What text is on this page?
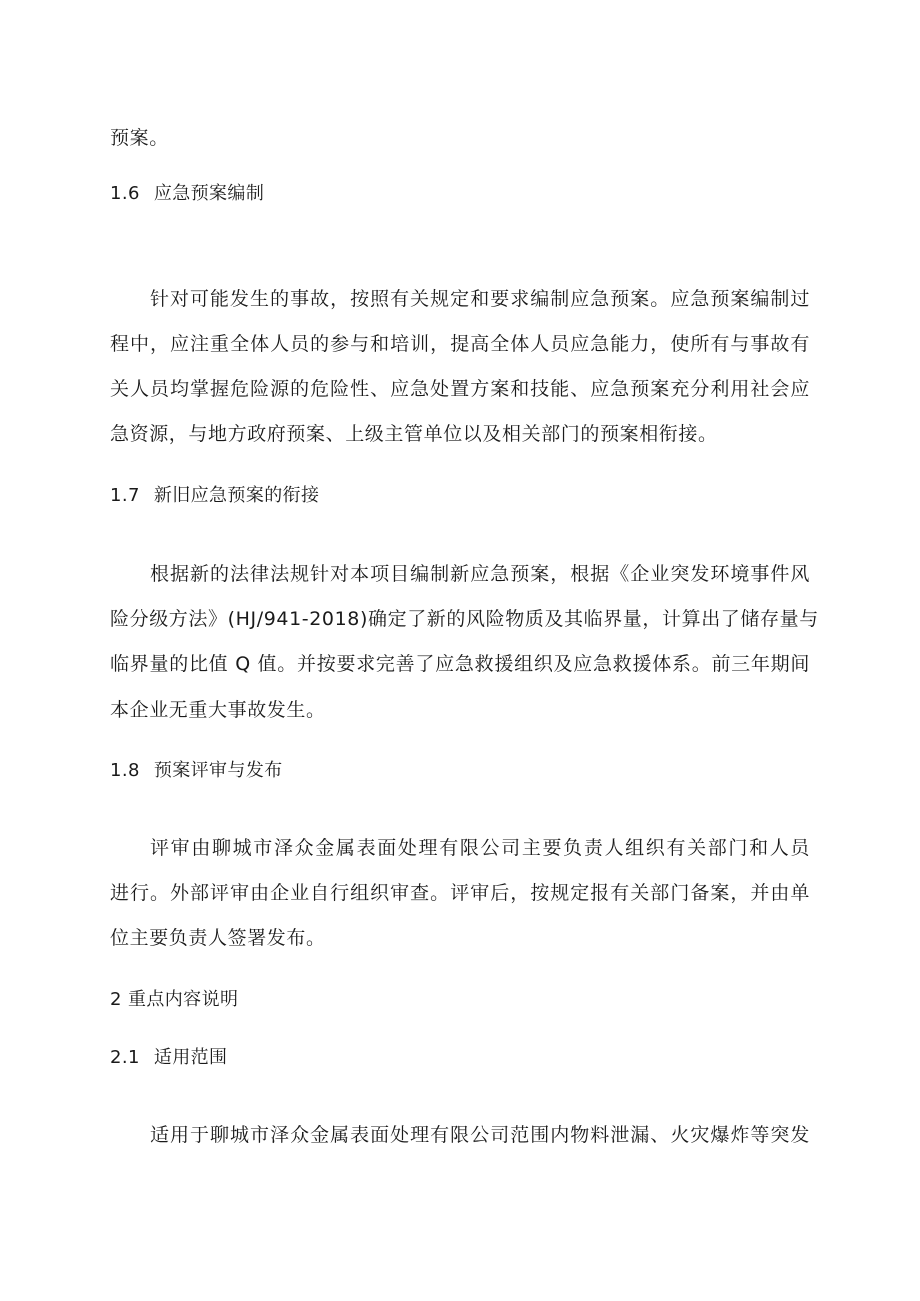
预案。
1.6 应急预案编制
针对可能发生的事故，按照有关规定和要求编制应急预案。应急预案编制过
程中，应注重全体人员的参与和培训，提高全体人员应急能力，使所有与事故有
关人员均掌握危险源的危险性、应急处置方案和技能、应急预案充分利用社会应
急资源，与地方政府预案、上级主管单位以及相关部门的预案相衔接。
1.7 新旧应急预案的衔接
根据新的法律法规针对本项目编制新应急预案，根据《企业突发环境事件风
险分级方法》(HJ/941-2018)确定了新的风险物质及其临界量，计算出了储存量与
临界量的比值 Q 值。并按要求完善了应急救援组织及应急救援体系。前三年期间
本企业无重大事故发生。
1.8 预案评审与发布
评审由聊城市泽众金属表面处理有限公司主要负责人组织有关部门和人员
进行。外部评审由企业自行组织审查。评审后，按规定报有关部门备案，并由单
位主要负责人签署发布。
2 重点内容说明
2.1 适用范围
适用于聊城市泽众金属表面处理有限公司范围内物料泄漏、火灾爆炸等突发
